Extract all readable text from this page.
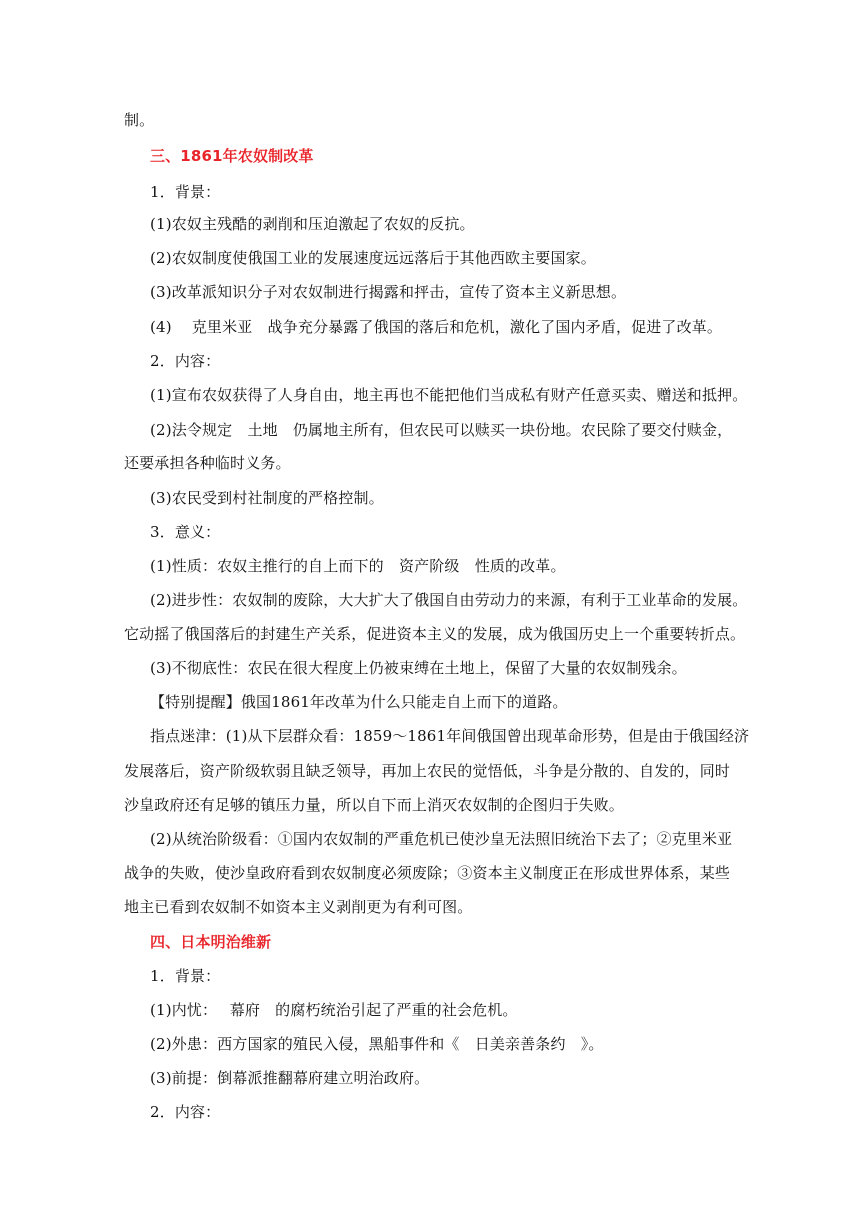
制。
三、1861年农奴制改革
1．背景：
(1)农奴主残酷的剥削和压迫激起了农奴的反抗。
(2)农奴制度使俄国工业的发展速度远远落后于其他西欧主要国家。
(3)改革派知识分子对农奴制进行揭露和抨击，宣传了资本主义新思想。
(4)　 克里米亚　战争充分暴露了俄国的落后和危机，激化了国内矛盾，促进了改革。
2．内容：
(1)宣布农奴获得了人身自由，地主再也不能把他们当成私有财产任意买卖、赠送和抵押。
(2)法令规定　土地　仍属地主所有，但农民可以赎买一块份地。农民除了要交付赎金，
还要承担各种临时义务。
(3)农民受到村社制度的严格控制。
3．意义：
(1)性质：农奴主推行的自上而下的　资产阶级　性质的改革。
(2)进步性：农奴制的废除，大大扩大了俄国自由劳动力的来源，有利于工业革命的发展。
它动摇了俄国落后的封建生产关系，促进资本主义的发展，成为俄国历史上一个重要转折点。
(3)不彻底性：农民在很大程度上仍被束缚在土地上，保留了大量的农奴制残余。
【特别提醒】俄国1861年改革为什么只能走自上而下的道路。
指点迷津：(1)从下层群众看：1859～1861年间俄国曾出现革命形势，但是由于俄国经济
发展落后，资产阶级软弱且缺乏领导，再加上农民的觉悟低，斗争是分散的、自发的，同时
沙皇政府还有足够的镇压力量，所以自下而上消灭农奴制的企图归于失败。
(2)从统治阶级看：①国内农奴制的严重危机已使沙皇无法照旧统治下去了；②克里米亚
战争的失败，使沙皇政府看到农奴制度必须废除；③资本主义制度正在形成世界体系，某些
地主已看到农奴制不如资本主义剥削更为有利可图。
四、日本明治维新
1．背景：
(1)内忧：　 幕府　的腐朽统治引起了严重的社会危机。
(2)外患：西方国家的殖民入侵，黑船事件和《　日美亲善条约　》。
(3)前提：倒幕派推翻幕府建立明治政府。
2．内容：
